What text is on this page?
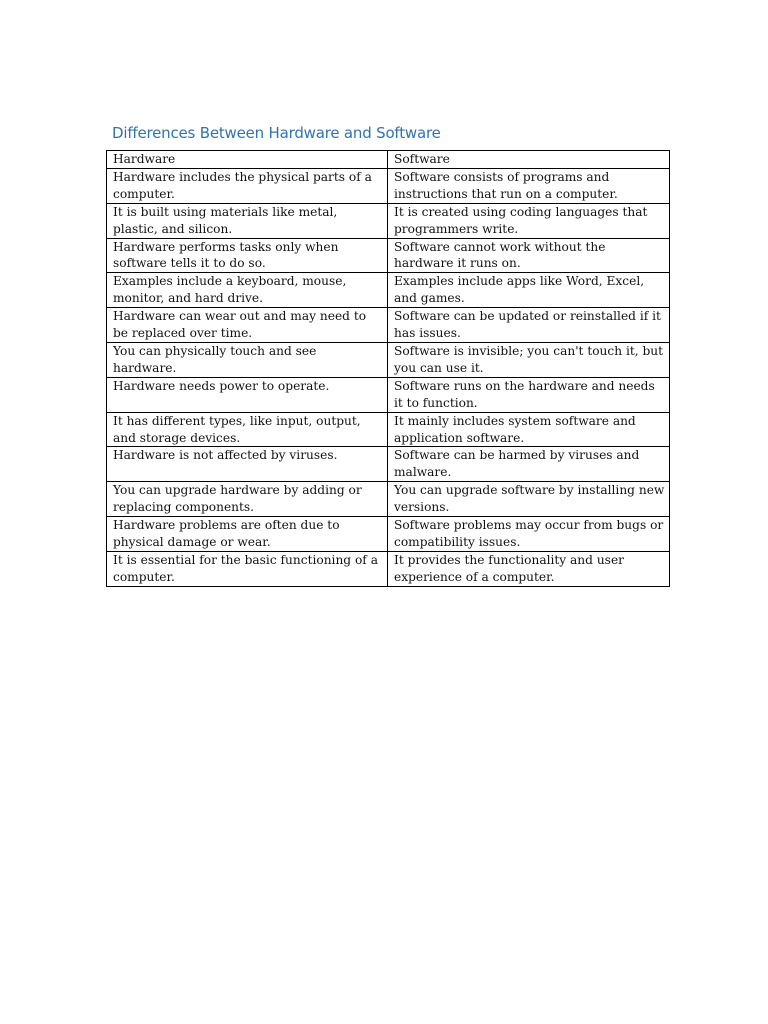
Differences Between Hardware and Software
Hardware	Software
Hardware includes the physical parts of a computer.	Software consists of programs and instructions that run on a computer.
It is built using materials like metal, plastic, and silicon.	It is created using coding languages that programmers write.
Hardware performs tasks only when software tells it to do so.	Software cannot work without the hardware it runs on.
Examples include a keyboard, mouse, monitor, and hard drive.	Examples include apps like Word, Excel, and games.
Hardware can wear out and may need to be replaced over time.	Software can be updated or reinstalled if it has issues.
You can physically touch and see hardware.	Software is invisible; you can't touch it, but you can use it.
Hardware needs power to operate.	Software runs on the hardware and needs it to function.
It has different types, like input, output, and storage devices.	It mainly includes system software and application software.
Hardware is not affected by viruses.	Software can be harmed by viruses and malware.
You can upgrade hardware by adding or replacing components.	You can upgrade software by installing new versions.
Hardware problems are often due to physical damage or wear.	Software problems may occur from bugs or compatibility issues.
It is essential for the basic functioning of a computer.	It provides the functionality and user experience of a computer.
